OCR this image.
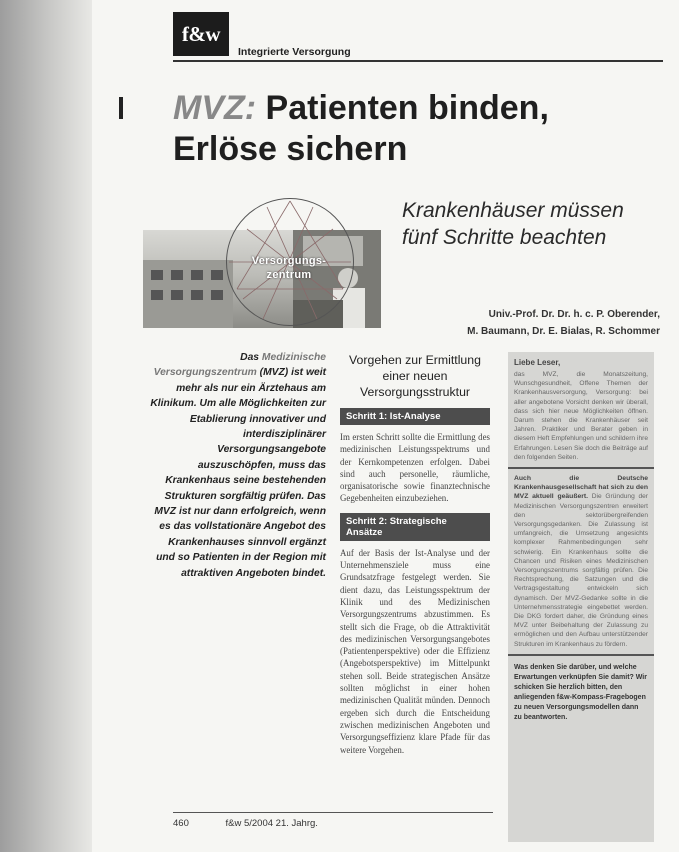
f&w
Integrierte Versorgung
MVZ: Patienten binden,
Erlöse sichern
Krankenhäuser müssen
fünf Schritte beachten
Versorgungs-
zentrum
Univ.-Prof. Dr. Dr. h. c. P. Oberender,
M. Baumann, Dr. E. Bialas, R. Schommer
Das Medizinische Versorgungszentrum (MVZ) ist weit mehr als nur ein Ärztehaus am Klinikum. Um alle Möglichkeiten zur Etablierung innovativer und interdisziplinärer Versorgungsangebote auszuschöpfen, muss das Krankenhaus seine bestehenden Strukturen sorgfältig prüfen. Das MVZ ist nur dann erfolgreich, wenn es das vollstationäre Angebot des Krankenhauses sinnvoll ergänzt und so Patienten in der Region mit attraktiven Angeboten bindet.
Vorgehen zur Ermittlung einer neuen Versorgungsstruktur
Schritt 1: Ist-Analyse

Im ersten Schritt sollte die Ermittlung des medizinischen Leistungsspektrums und der Kernkompetenzen erfolgen. Dabei sind auch personelle, räumliche, organisatorische sowie finanztechnische Gegebenheiten einzubeziehen.

Schritt 2: Strategische Ansätze

Auf der Basis der Ist-Analyse und der Unternehmensziele muss eine Grundsatzfrage festgelegt werden. Sie dient dazu, das Leistungsspektrum der Klinik und des Medizinischen Versorgungszentrums abzustimmen. Es stellt sich die Frage, ob die Attraktivität des medizinischen Versorgungsangebotes (Patientenperspektive) oder die Effizienz (Angebotsperspektive) im Mittelpunkt stehen soll. Beide strategischen Ansätze sollten möglichst in einer hohen medizinischen Qualität münden. Dennoch ergeben sich durch die Entscheidung zwischen medizinischen Angeboten und Versorgungseffizienz klare Pfade für das weitere Vorgehen.

Liebe Leser,

das MVZ, die Monatszeitung, Wunschgesundheit, Offene Themen der Krankenhausversorgung, Versorgung: bei aller angebotene Vorsicht denken wir überall, dass sich hier neue Möglichkeiten öffnen. Darum stehen die Krankenhäuser seit Jahren. Praktiker und Berater geben in diesem Heft Empfehlungen und schildern ihre Erfahrungen. Lesen Sie doch die Beiträge auf den folgenden Seiten.

Auch die Deutsche Krankenhausgesellschaft hat sich zu den MVZ aktuell geäußert. Die Gründung der Medizinischen Versorgungszentren erweitert den sektorübergreifenden Versorgungsgedanken. Die Zulassung ist umfangreich, die Umsetzung angesichts komplexer Rahmenbedingungen sehr schwierig. Ein Krankenhaus sollte die Chancen und Risiken eines Medizinischen Versorgungszentrums sorgfältig prüfen. Die Rechtsprechung, die Satzungen und die Vertragsgestaltung entwickeln sich dynamisch. Der MVZ-Gedanke sollte in die Unternehmensstrategie eingebettet werden. Die DKG fordert daher, die Gründung eines MVZ unter Beibehaltung der Zulassung zu ermöglichen und den Aufbau unterstützender Strukturen im Krankenhaus zu fördern.

Was denken Sie darüber, und welche Erwartungen verknüpfen Sie damit? Wir schicken Sie herzlich bitten, den anliegenden f&w-Kompass-Fragebogen zu neuen Versorgungsmodellen dann zu beantworten.

460	f&w 5/2004 21. Jahrg.
